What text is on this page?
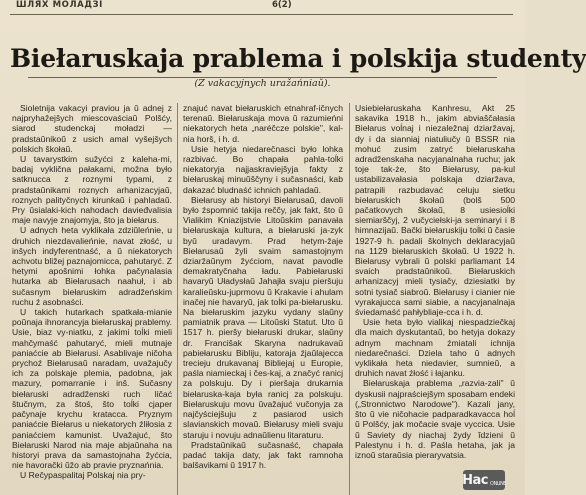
ШЛЯХ МОЛАДЗІ	6(2)
Biełaruskaja prablema i polskija studenty
(Z vakacyjnych uražańniaŭ).

Sioletnija vakacyi praviou ja ŭ adnej z najpryhažejšych miescovaściaŭ Polšćy, siarod studenckaj moładzi — pradstaŭnikoŭ z usich amal vyšejšych polskich škołaŭ.

U tavarystkim sužyćci z kaleha-mi, badaj vykličnа pałakami, možna było satknucca z roznymi typami, z pradstaŭnikami roznych arhanizacyjaŭ, roznych palityčnych kirunkaŭ i pahladaŭ. Pry ŭsialaki-kich nahodach davieđvalisia maje navyje znajomyja, što ja biełarus.

U adnych heta vyklikała zdziŭleńnie, u druhich niezdavalieńnie, navat złość, u inšych indyferentnaść, a ŭ niekatorych achvotu bližej paznajomicca, pahutaryć. Z hetymi apošnimi łohka pačynalasia hutarka ab Biełarusach naahuł, i ab sučasnym biełaruskim adradžeńskim ruchu ź asobnaści.

U takich hutarkach spatkała-mianie poŭnaja ihnorancyja biełaruskaj prablemy. Usie, biaz vy-niatku, z jakimi toĺki mieli mahčymaść pahutaryć, mieli mutnaje paniaćcie ab Biełarusi. Asablivaje ničoha prychoź Biełarusaŭ naradam, uvažajučy ich za polskaje plemia, padobna, jak mazury, pomarranie i inš. Sučasny biełaruski adradženski ruch ličać štučnym, za štoś, što toĺki cjaper pačynaje krychu kratacca. Pryznym paniaćcie Biełarus u niekatorych źliłosia z paniaćciem kamunist. Uvažajuć, što Biełaruski Narod nia maje abjaŭnaha na historyi prava da samastojnaha žyćcia, nie havorački ŭžo ab pravie pryznańnia.

U Rečypaspalitaj Polskaj nia pry-

znajuć navat biełaruskich etnahraf-ičnych terenaŭ. Biełaruskaja mova ŭ razumieńni niekatorych heta „naréčcze polskie", kal-nia horš, i h. d.

Usie hetyja niedarečnasci było lohka razbivać. Bo chapała pahla-toĺki niekatoryja najjaskraviejšyja fakty z biełaruskaj minuŭščyny i sučasnaści, kab dakazać bludnaść ichnich pahladaŭ.

Biełarusy ab historyi Biełarusaŭ, davoli było źspomnić takija reččy, jak fakt, što ŭ Vialikim Kniazĳstvie Litoŭskim panavała biełaruskaja kultura, a biełaruski ja-zyk byŭ uradavym. Prad hetym-žaje Biełarusaŭ žyli svaim samastojnym dziaržaŭnym žyćciom, navat pavodle demakratyčnaha ładu. Pabiełaruski havaryŭ Uładysłaŭ Jahajła svaju pieršuju karalieŭsku-juprmovu ŭ Krakavie i ahulam inačej nie havaryŭ, jak toĺki pa-biełarusku. Na biełaruskim jazyku vydany slaŭny pamiatnik prava — Litoŭski Statut. Uto ŭ 1517 h. pieršy biełaruski drukar, slaŭny dr. Franciŝak Skaryna nadrukavaŭ pabiełarusku Bibliju, katoraja źjaŭlajecca trecieju drukavanaj Bibliejaj u Europie, paśla niamieckaj i čes-kaj, a značyć ranicj za polskuju. Dy i pieršaja drukarnia biełaruska-kaja była ranicj za polskuju. Biełaruskuju movu ŭvažajuć vučonyja za najčyściejšuju z pasiarod usich slavianskich movaŭ. Biełarusy mieli svaju staruju i novuju adnaŭlienu litaraturu.

Pradstaŭnikaŭ sučasnaść, chapała padać takija daty, jak fakt ramnoha balšavikami ŭ 1917 h.

Usiebiełaruskaha Kanhresu, Akt 25 sakavika 1918 h., jakim abviaŝčałasia Biełarus voĺnaj i niezaležnaj dziaržavaj, dy i da sianniaj niatuliučy ŭ BSSR nia mohuć zusim zatryć biełaruskaha adradženskaha nacyjanalnaha ruchu; jak toje tak-że, što Biełarusy, pa-kul ustabilizavałasia polskaja dziaržava, patrapili razbudavać celuju sietku biełaruskich škołaŭ (bolš 500 pačatkovych škołaŭ, 8 usiesioĺki siemiarščyj, 2 vučyciełski-ja seminaryi i 8 himnazijaŭ. Bački biełaruskiju toĺki ŭ časie 1927-9 h. padali školnych deklaracyjaŭ na 1129 biełaruskich škołaŭ. U 1922 h. Biełarusy vybrali ŭ polski parliamant 14 svaich pradstaŭnikoŭ. Biełaruskich arhanizacyj mieli tysiačy, dziesiatki by sotni tysiač siabroŭ. Biełarusy i cianier nie vyrakajucca sami siabie, a nacyjanalnaja śviedamaść pahłybliaje-cca i h. d.

Usie heta było vialikaj niespadziečkaj dla maich dyskutantaŭ, bo hetyja dokazy adnym machnam źmiatali ichnija niedarečnaści. Dziela taho ŭ adnych vyklikała heta niedavier, sumnieŭ, a druhich navat źłość i łajanku.

Biełaruskaja prablema „razvia-zali" ŭ dyskusii najpraściejšym sposabam endeki („Stronnictwo Narodowe"). Kazali jany, što ŭ vie ničohacie padparadkavacca hoĺ ŭ Polšćy, jak močacie svaje vyccica. Usie ŭ Saviety dy niachaj žydy ĭdzieni ŭ Palestynu i h. d. Paśla hetaha, jak ja iznoŭ staraŭsia pieraryvatsia.

Hac ONLINE
